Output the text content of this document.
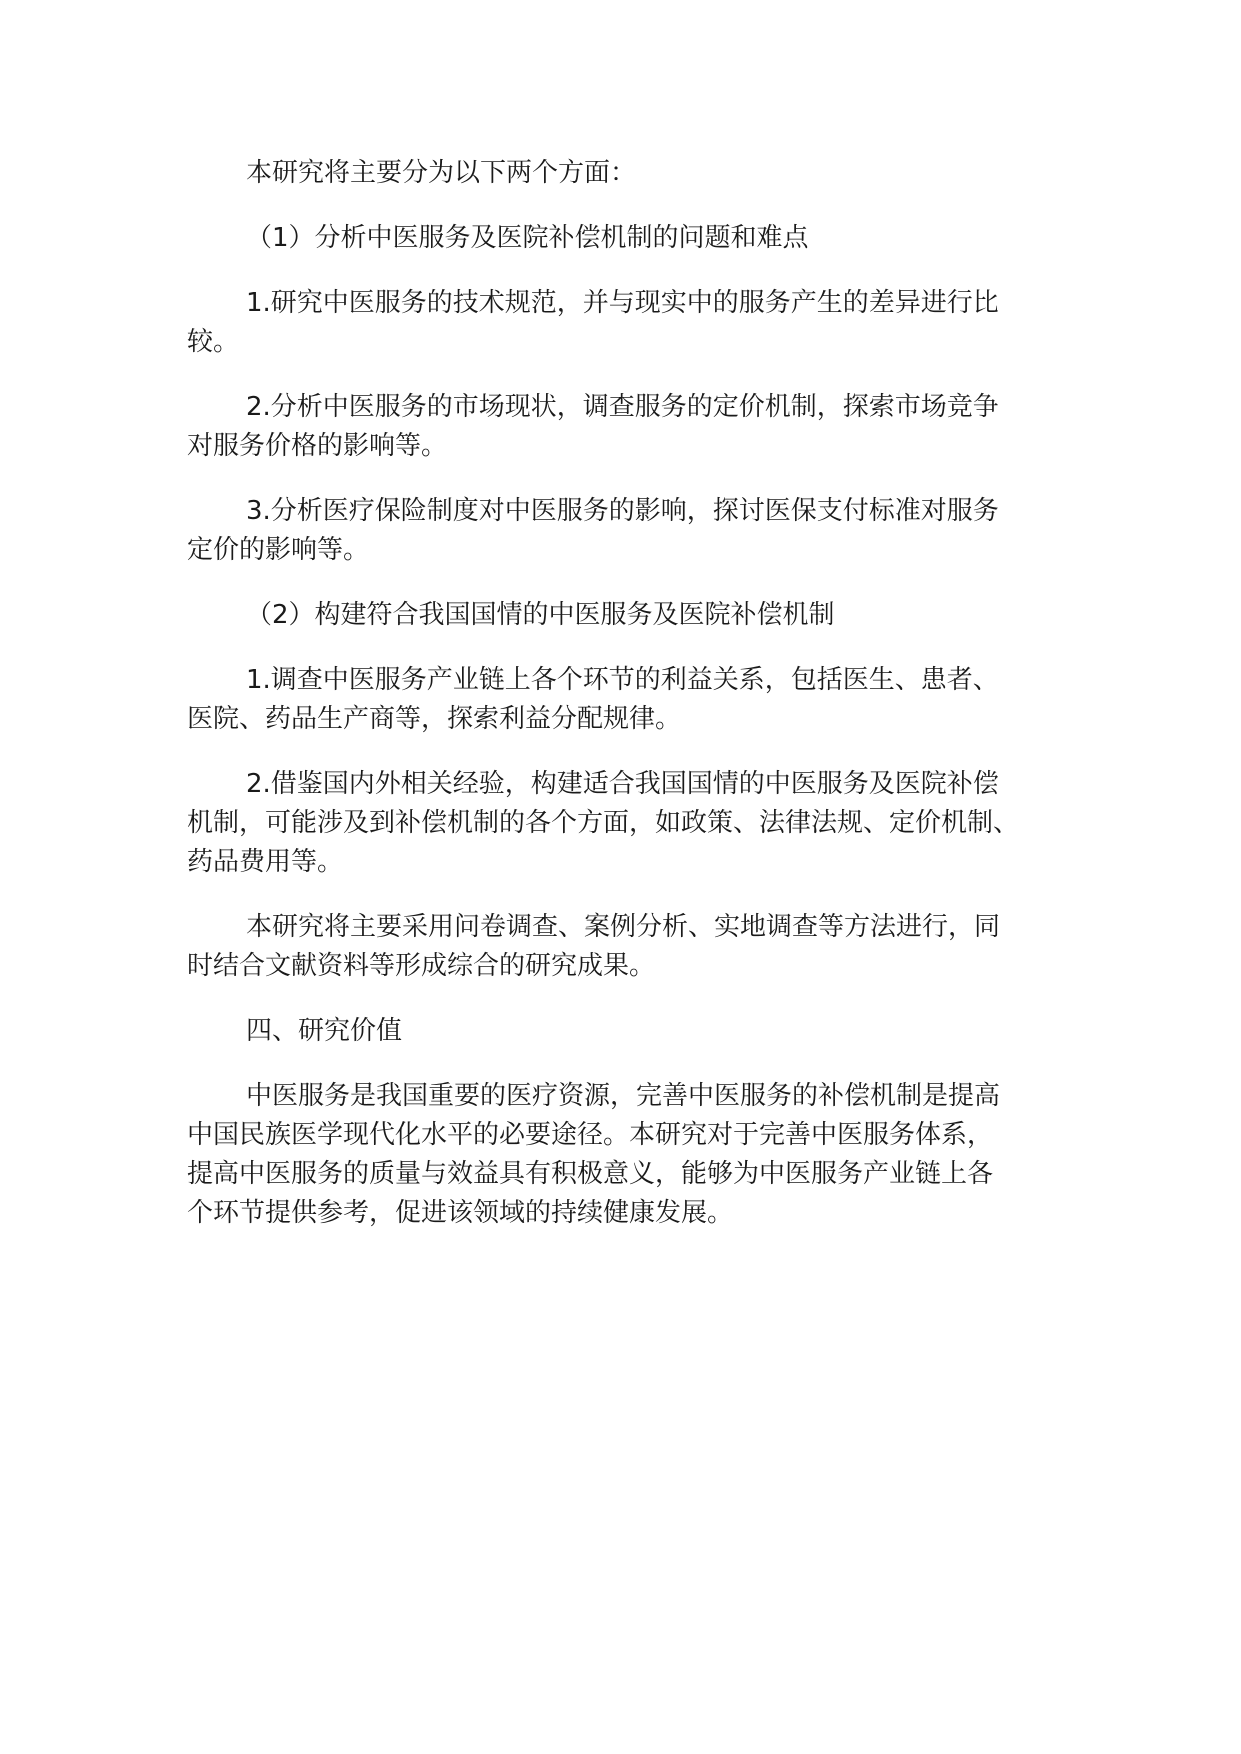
本研究将主要分为以下两个方面：
（1）分析中医服务及医院补偿机制的问题和难点
1.研究中医服务的技术规范，并与现实中的服务产生的差异进行比
较。
2.分析中医服务的市场现状，调查服务的定价机制，探索市场竞争
对服务价格的影响等。
3.分析医疗保险制度对中医服务的影响，探讨医保支付标准对服务
定价的影响等。
（2）构建符合我国国情的中医服务及医院补偿机制
1.调查中医服务产业链上各个环节的利益关系，包括医生、患者、
医院、药品生产商等，探索利益分配规律。
2.借鉴国内外相关经验，构建适合我国国情的中医服务及医院补偿
机制，可能涉及到补偿机制的各个方面，如政策、法律法规、定价机制、
药品费用等。
本研究将主要采用问卷调查、案例分析、实地调查等方法进行，同
时结合文献资料等形成综合的研究成果。
四、研究价值
中医服务是我国重要的医疗资源，完善中医服务的补偿机制是提高
中国民族医学现代化水平的必要途径。本研究对于完善中医服务体系，
提高中医服务的质量与效益具有积极意义，能够为中医服务产业链上各
个环节提供参考，促进该领域的持续健康发展。
